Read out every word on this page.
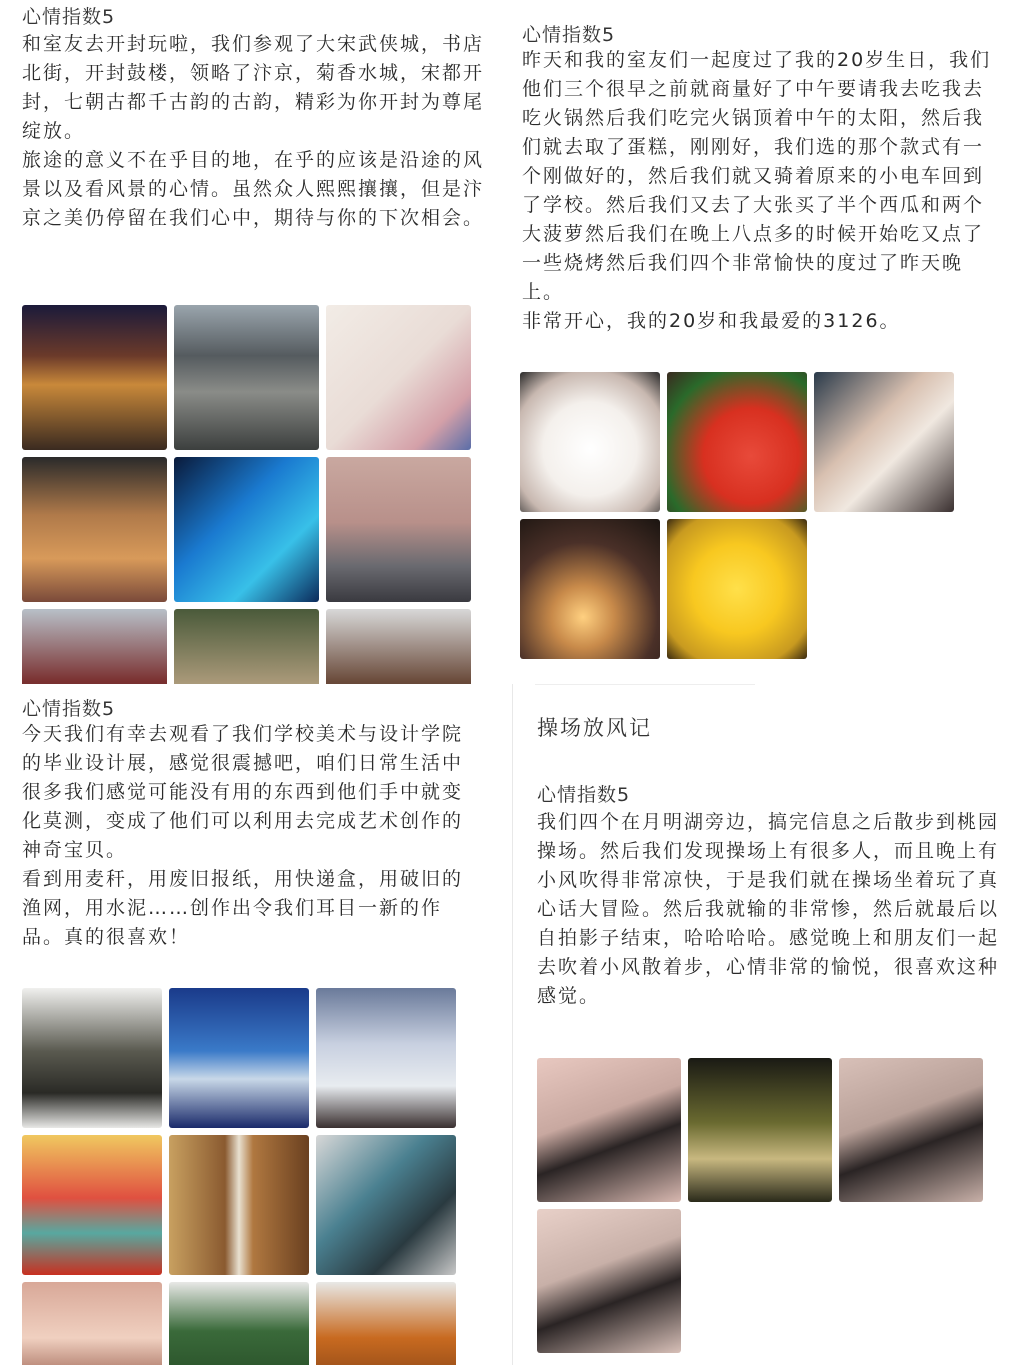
心情指数5

和室友去开封玩啦，我们参观了大宋武侠城，书店北街，开封鼓楼，领略了汴京，菊香水城，宋都开封，七朝古都千古韵的古韵，精彩为你开封为尊尾绽放。

旅途的意义不在乎目的地，在乎的应该是沿途的风景以及看风景的心情。虽然众人熙熙攘攘，但是汴京之美仍停留在我们心中，期待与你的下次相会。

心情指数5

昨天和我的室友们一起度过了我的20岁生日，我们他们三个很早之前就商量好了中午要请我去吃我去吃火锅然后我们吃完火锅顶着中午的太阳，然后我们就去取了蛋糕，刚刚好，我们选的那个款式有一个刚做好的，然后我们就又骑着原来的小电车回到了学校。然后我们又去了大张买了半个西瓜和两个大菠萝然后我们在晚上八点多的时候开始吃又点了一些烧烤然后我们四个非常愉快的度过了昨天晚上。

非常开心，我的20岁和我最爱的3126。

心情指数5

今天我们有幸去观看了我们学校美术与设计学院的毕业设计展，感觉很震撼吧，咱们日常生活中很多我们感觉可能没有用的东西到他们手中就变化莫测，变成了他们可以利用去完成艺术创作的神奇宝贝。

看到用麦秆，用废旧报纸，用快递盒，用破旧的渔网，用水泥……创作出令我们耳目一新的作品。真的很喜欢！

操场放风记
心情指数5

我们四个在月明湖旁边，搞完信息之后散步到桃园操场。然后我们发现操场上有很多人，而且晚上有小风吹得非常凉快，于是我们就在操场坐着玩了真心话大冒险。然后我就输的非常惨，然后就最后以自拍影子结束，哈哈哈哈。感觉晚上和朋友们一起去吹着小风散着步，心情非常的愉悦，很喜欢这种感觉。
